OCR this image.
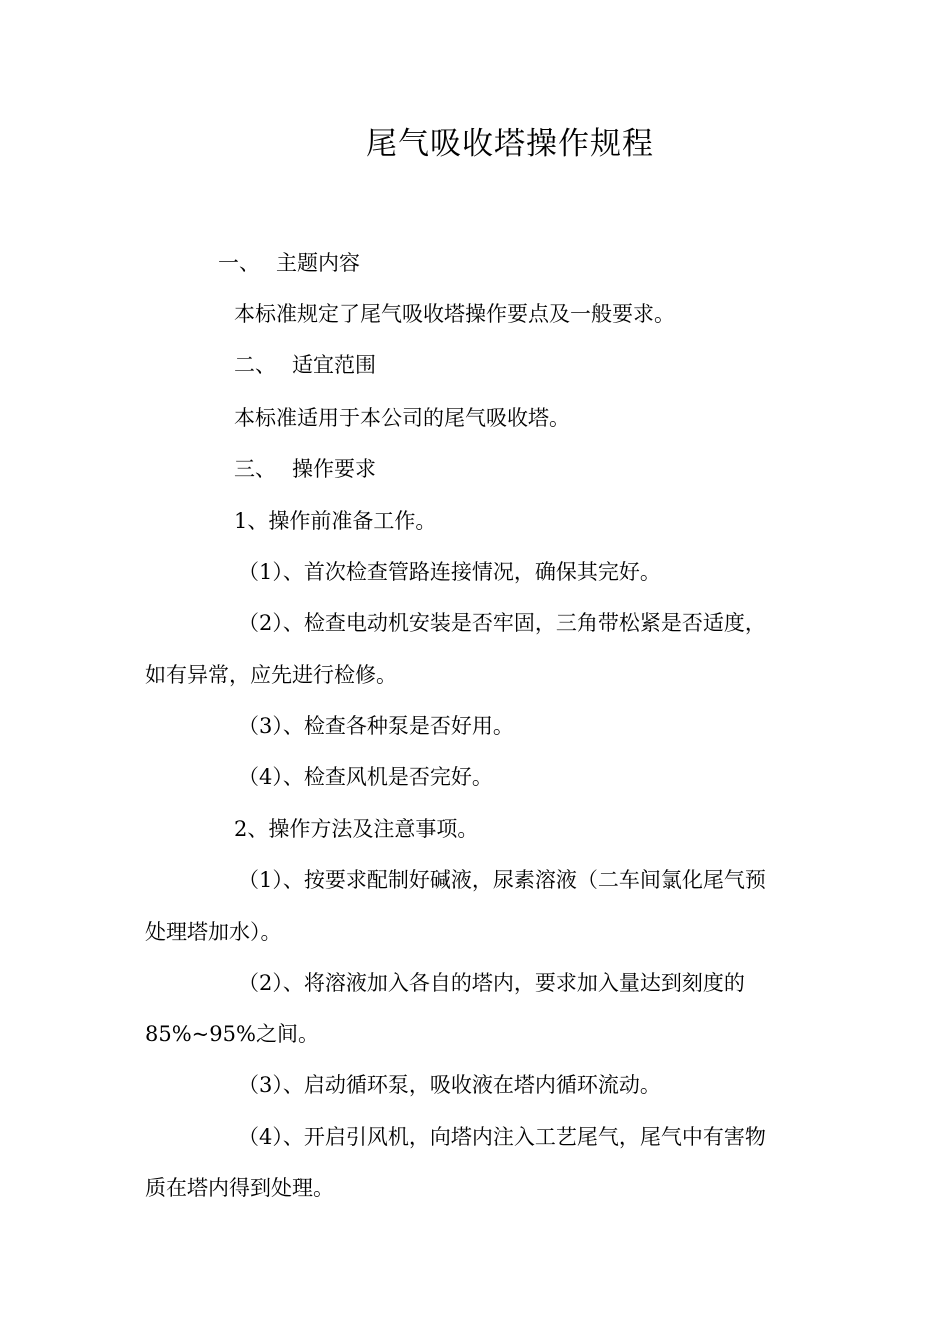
尾气吸收塔操作规程
一、 主题内容
本标准规定了尾气吸收塔操作要点及一般要求。
二、 适宜范围
本标准适用于本公司的尾气吸收塔。
三、 操作要求
1、操作前准备工作。
（1）、首次检查管路连接情况，确保其完好。
（2）、检查电动机安装是否牢固，三角带松紧是否适度，
如有异常，应先进行检修。
（3）、检查各种泵是否好用。
（4）、检查风机是否完好。
2、操作方法及注意事项。
（1）、按要求配制好碱液，尿素溶液（二车间氯化尾气预
处理塔加水）。
（2）、将溶液加入各自的塔内，要求加入量达到刻度的
85%~95%之间。
（3）、启动循环泵，吸收液在塔内循环流动。
（4）、开启引风机，向塔内注入工艺尾气，尾气中有害物
质在塔内得到处理。
